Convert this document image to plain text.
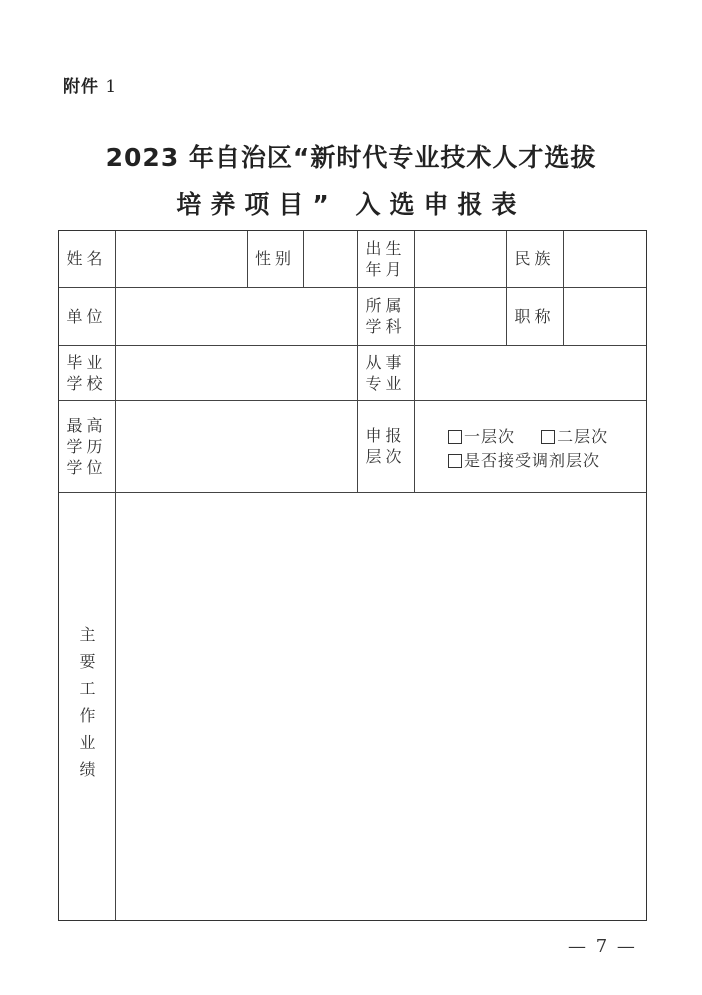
附件 1
2023 年自治区“新时代专业技术人才选拔
培养项目” 入选申报表
姓名	性别
出生
年月
民族
单位
所属
学科
职称
毕业
学校
从事
专业
最高
学历
学位
申报
层次
一层次
	二层次
是否接受调剂层次
主要工作业绩
— 7 —
